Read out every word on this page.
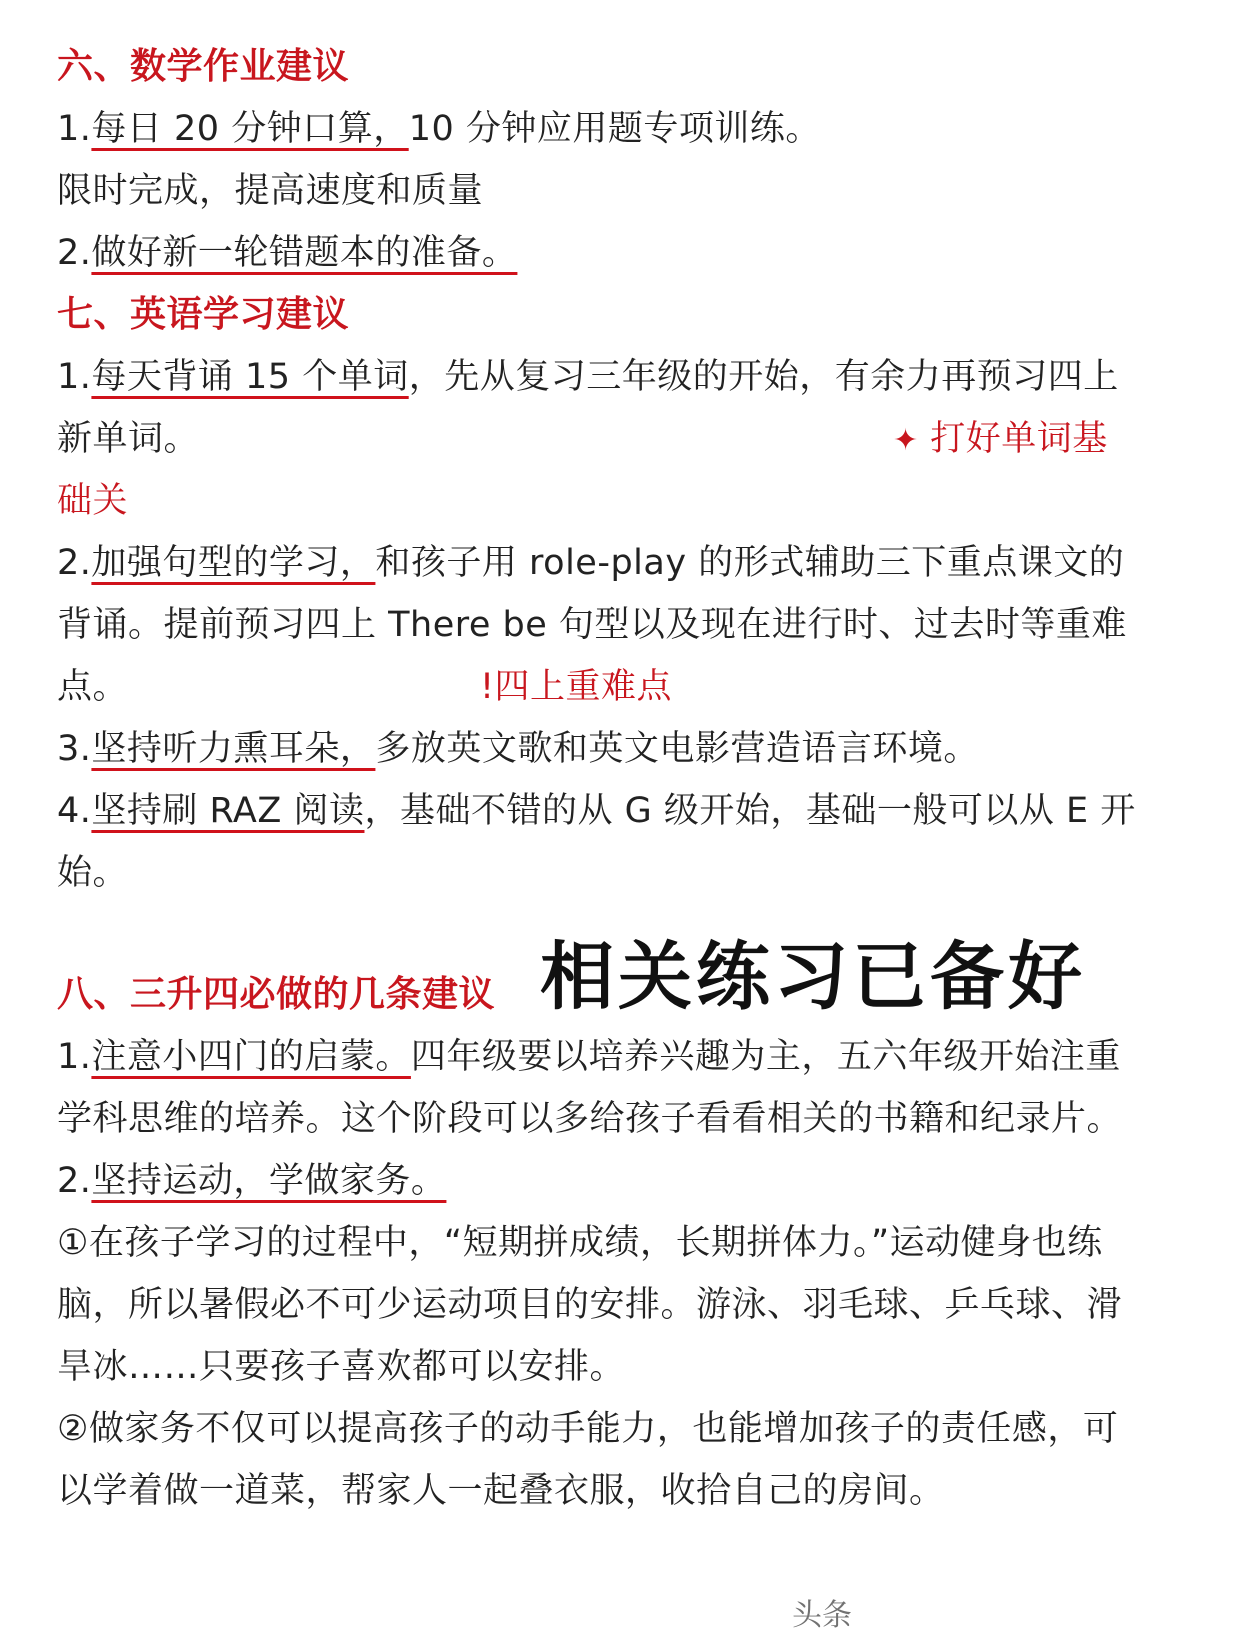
六、数学作业建议
1.每日 20 分钟口算，10 分钟应用题专项训练。
限时完成，提高速度和质量
2.做好新一轮错题本的准备。
七、英语学习建议
1.每天背诵 15 个单词，先从复习三年级的开始，有余力再预习四上
新单词。	✦ 打好单词基
础关
2.加强句型的学习，和孩子用 role-play 的形式辅助三下重点课文的
背诵。提前预习四上 There be 句型以及现在进行时、过去时等重难
点。	!四上重难点
3.坚持听力熏耳朵，多放英文歌和英文电影营造语言环境。
4.坚持刷 RAZ 阅读，基础不错的从 G 级开始，基础一般可以从 E 开
始。
相关练习已备好
八、三升四必做的几条建议
1.注意小四门的启蒙。四年级要以培养兴趣为主，五六年级开始注重
学科思维的培养。这个阶段可以多给孩子看看相关的书籍和纪录片。
2.坚持运动，学做家务。
①在孩子学习的过程中，“短期拼成绩，长期拼体力。”运动健身也练
脑，所以暑假必不可少运动项目的安排。游泳、羽毛球、乒乓球、滑
旱冰……只要孩子喜欢都可以安排。
②做家务不仅可以提高孩子的动手能力，也能增加孩子的责任感，可
以学着做一道菜，帮家人一起叠衣服，收拾自己的房间。
头条
